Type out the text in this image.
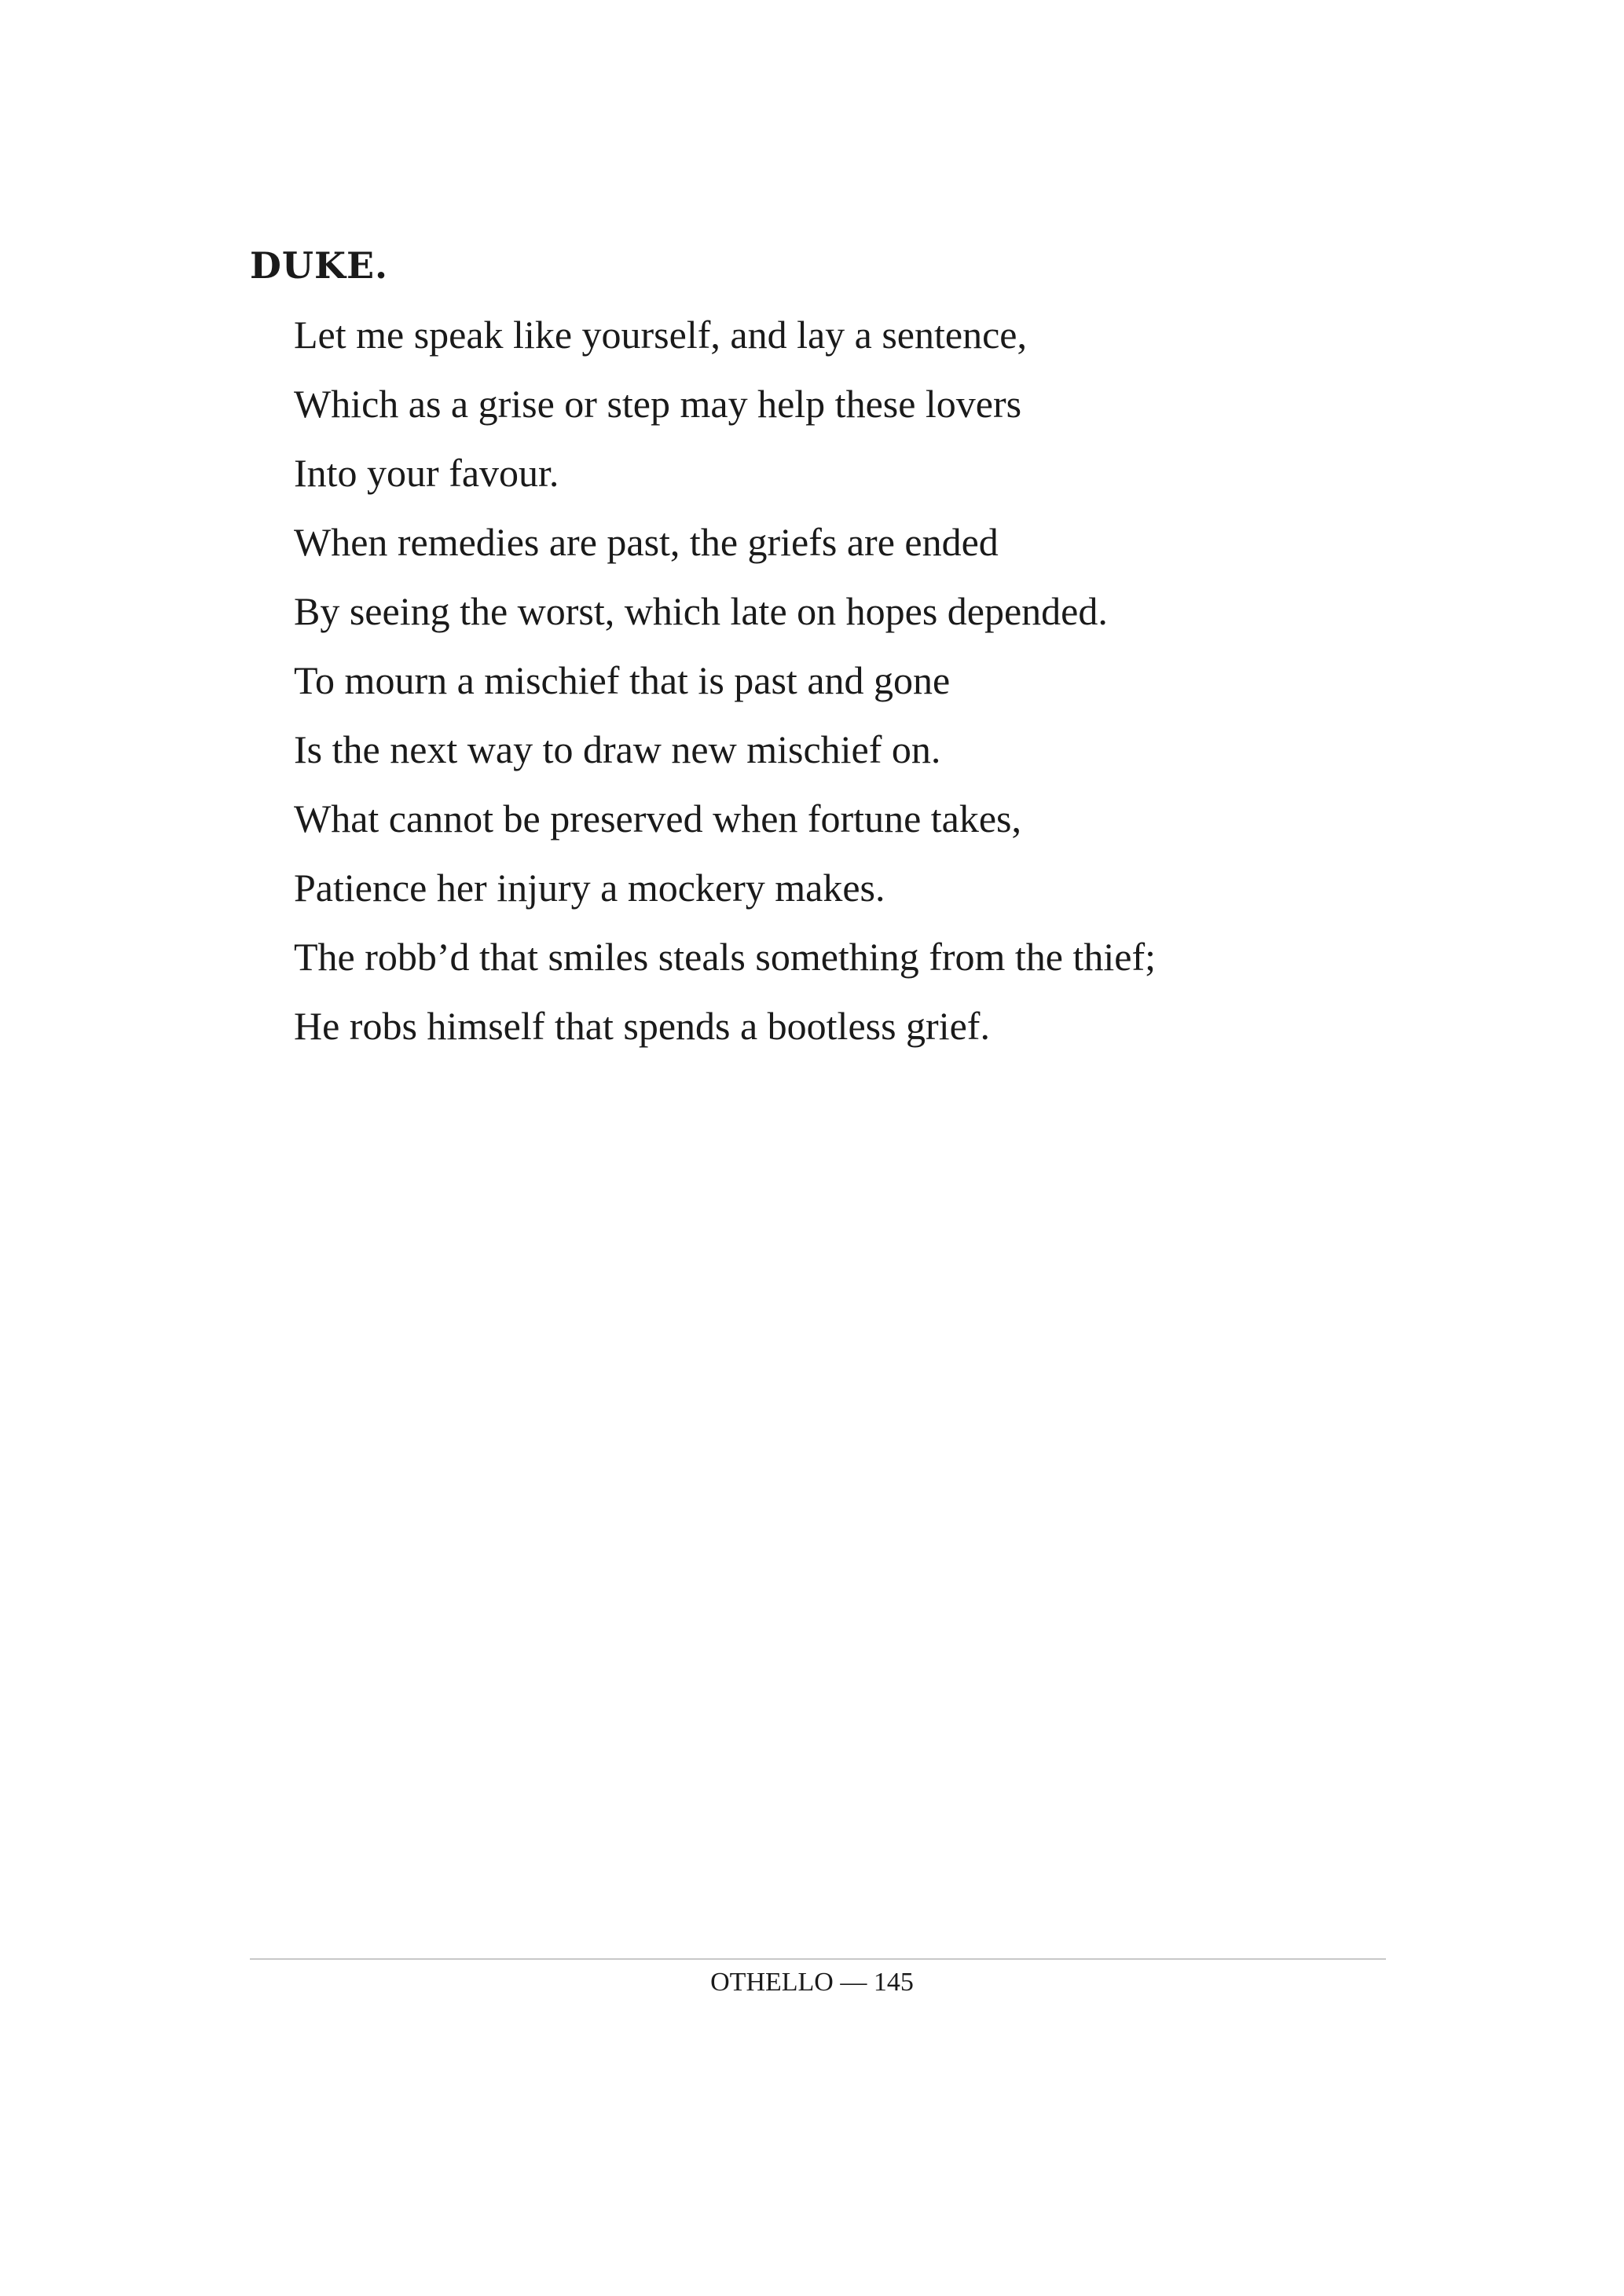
DUKE.
Let me speak like yourself, and lay a sentence,
Which as a grise or step may help these lovers
Into your favour.
When remedies are past, the griefs are ended
By seeing the worst, which late on hopes depended.
To mourn a mischief that is past and gone
Is the next way to draw new mischief on.
What cannot be preserved when fortune takes,
Patience her injury a mockery makes.
The robb’d that smiles steals something from the thief;
He robs himself that spends a bootless grief.
OTHELLO — 145
